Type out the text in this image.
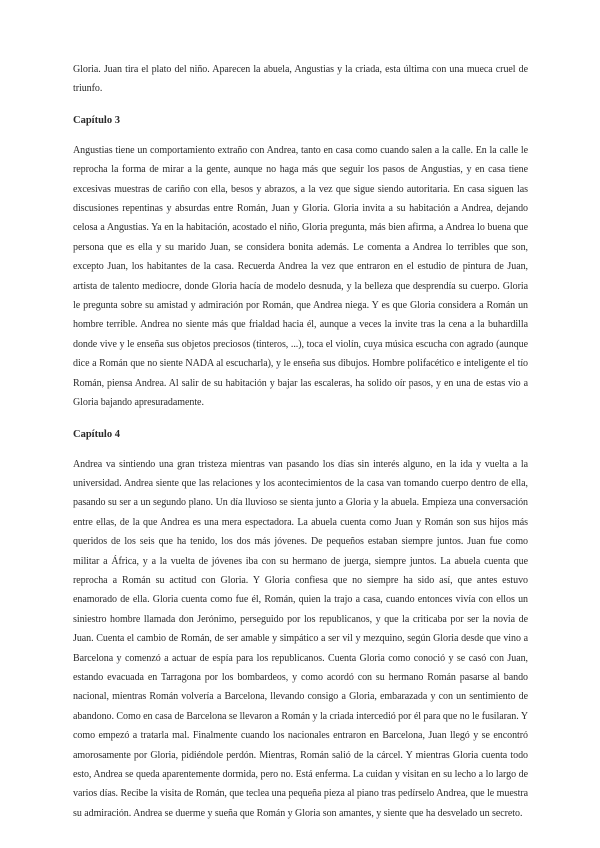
Gloria. Juan tira el plato del niño. Aparecen la abuela, Angustias y la criada, esta última con una mueca cruel de triunfo.

Capítulo 3

Angustias tiene un comportamiento extraño con Andrea, tanto en casa como cuando salen a la calle. En la calle le reprocha la forma de mirar a la gente, aunque no haga más que seguir los pasos de Angustias, y en casa tiene excesivas muestras de cariño con ella, besos y abrazos, a la vez que sigue siendo autoritaria. En casa siguen las discusiones repentinas y absurdas entre Román, Juan y Gloria. Gloria invita a su habitación a Andrea, dejando celosa a Angustias. Ya en la habitación, acostado el niño, Gloria pregunta, más bien afirma, a Andrea lo buena que persona que es ella y su marido Juan, se considera bonita además. Le comenta a Andrea lo terribles que son, excepto Juan, los habitantes de la casa. Recuerda Andrea la vez que entraron en el estudio de pintura de Juan, artista de talento mediocre, donde Gloria hacía de modelo desnuda, y la belleza que desprendía su cuerpo. Gloria le pregunta sobre su amistad y admiración por Román, que Andrea niega. Y es que Gloria considera a Román un hombre terrible. Andrea no siente más que frialdad hacia él, aunque a veces la invite tras la cena a la buhardilla donde vive y le enseña sus objetos preciosos (tinteros, ...), toca el violín, cuya música escucha con agrado (aunque dice a Román que no siente NADA al escucharla), y le enseña sus dibujos. Hombre polifacético e inteligente el tío Román, piensa Andrea. Al salir de su habitación y bajar las escaleras, ha solido oír pasos, y en una de estas vio a Gloria bajando apresuradamente.

Capítulo 4

Andrea va sintiendo una gran tristeza mientras van pasando los días sin interés alguno, en la ida y vuelta a la universidad. Andrea siente que las relaciones y los acontecimientos de la casa van tomando cuerpo dentro de ella, pasando su ser a un segundo plano. Un día lluvioso se sienta junto a Gloria y la abuela. Empieza una conversación entre ellas, de la que Andrea es una mera espectadora. La abuela cuenta como Juan y Román son sus hijos más queridos de los seis que ha tenido, los dos más jóvenes. De pequeños estaban siempre juntos. Juan fue como militar a África, y a la vuelta de jóvenes iba con su hermano de juerga, siempre juntos. La abuela cuenta que reprocha a Román su actitud con Gloria. Y Gloria confiesa que no siempre ha sido así, que antes estuvo enamorado de ella. Gloria cuenta como fue él, Román, quien la trajo a casa, cuando entonces vivía con ellos un siniestro hombre llamada don Jerónimo, perseguido por los republicanos, y que la criticaba por ser la novia de Juan. Cuenta el cambio de Román, de ser amable y simpático a ser vil y mezquino, según Gloria desde que vino a Barcelona y comenzó a actuar de espía para los republicanos. Cuenta Gloria como conoció y se casó con Juan, estando evacuada en Tarragona por los bombardeos, y como acordó con su hermano Román pasarse al bando nacional, mientras Román volvería a Barcelona, llevando consigo a Gloria, embarazada y con un sentimiento de abandono. Como en casa de Barcelona se llevaron a Román y la criada intercedió por él para que no le fusilaran. Y como empezó a tratarla mal. Finalmente cuando los nacionales entraron en Barcelona, Juan llegó y se encontró amorosamente por Gloria, pidiéndole perdón. Mientras, Román salió de la cárcel. Y mientras Gloria cuenta todo esto, Andrea se queda aparentemente dormida, pero no. Está enferma. La cuidan y visitan en su lecho a lo largo de varios días. Recibe la visita de Román, que teclea una pequeña pieza al piano tras pedírselo Andrea, que le muestra su admiración. Andrea se duerme y sueña que Román y Gloria son amantes, y siente que ha desvelado un secreto.
